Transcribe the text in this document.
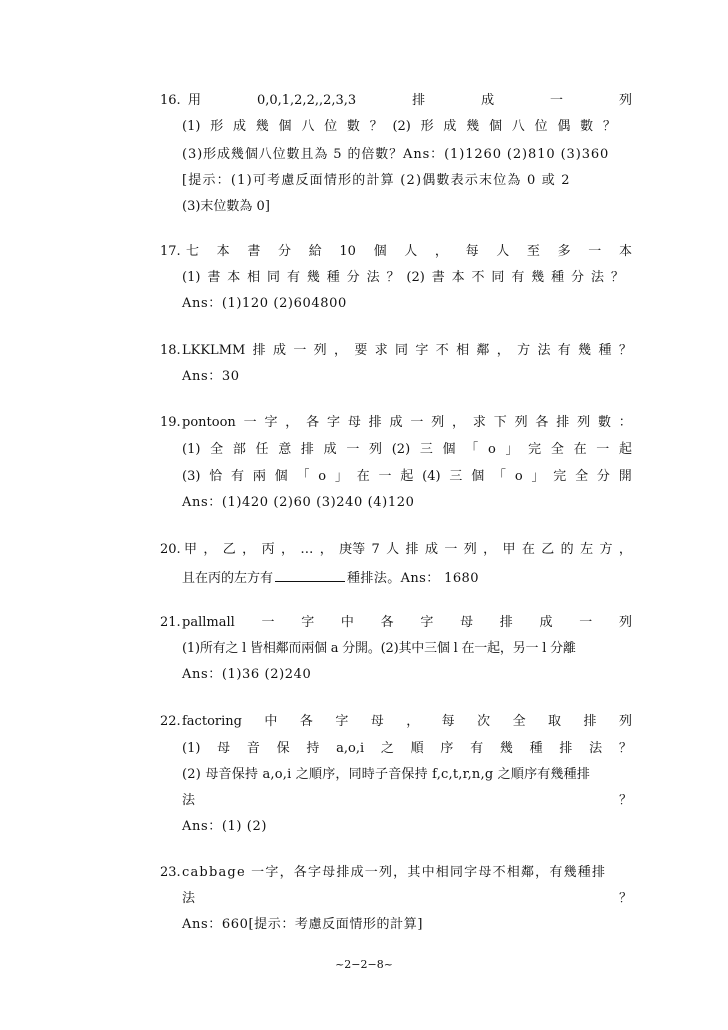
16. 用	0,0,1,2,2,,2,3,3	排	成	一	列
(1) 形 成 幾 個 八 位 數 ？ (2) 形 成 幾 個 八 位 偶 數 ？
(3)形成幾個八位數且為 5 的倍數？Ans：(1)1260 (2)810 (3)360
[提示：(1)可考慮反面情形的計算 (2)偶數表示末位為 0 或 2
(3)末位數為 0]
17. 七 本 書 分 給 10 個 人 ， 每 人 至 多 一 本
(1) 書 本 相 同 有 幾 種 分 法 ？ (2) 書 本 不 同 有 幾 種 分 法 ？
Ans：(1)120 (2)604800
18. LKKLMM 排 成 一 列 ， 要 求 同 字 不 相 鄰 ， 方 法 有 幾 種 ？
Ans：30
19. pontoon 一 字 ， 各 字 母 排 成 一 列 ， 求 下 列 各 排 列 數 ：
(1) 全 部 任 意 排 成 一 列 (2) 三 個 「 o 」 完 全 在 一 起
(3) 恰 有 兩 個 「 o 」 在 一 起 (4) 三 個 「 o 」 完 全 分 開
Ans：(1)420 (2)60 (3)240 (4)120
20. 甲 ， 乙 ， 丙 ， … ， 庚等 7 人 排 成 一 列 ， 甲 在 乙 的 左 方 ，
且在丙的左方有	種排法。Ans： 1680
21. pallmall 一 字 中 各 字 母 排 成 一 列
(1)所有之 l 皆相鄰而兩個 a 分開。(2)其中三個 l 在一起，另一 l 分離
Ans：(1)36 (2)240
22. factoring 中 各 字 母 ， 每 次 全 取 排 列
(1) 母 音 保 持 a,o,i 之 順 序 有 幾 種 排 法 ？
(2) 母音保持 a,o,i 之順序，同時子音保持 f,c,t,r,n,g 之順序有幾種排
法	？
Ans：(1) (2)
23. cabbage 一字，各字母排成一列，其中相同字母不相鄰，有幾種排
法	？
Ans：660[提示：考慮反面情形的計算]
~2−2−8~
